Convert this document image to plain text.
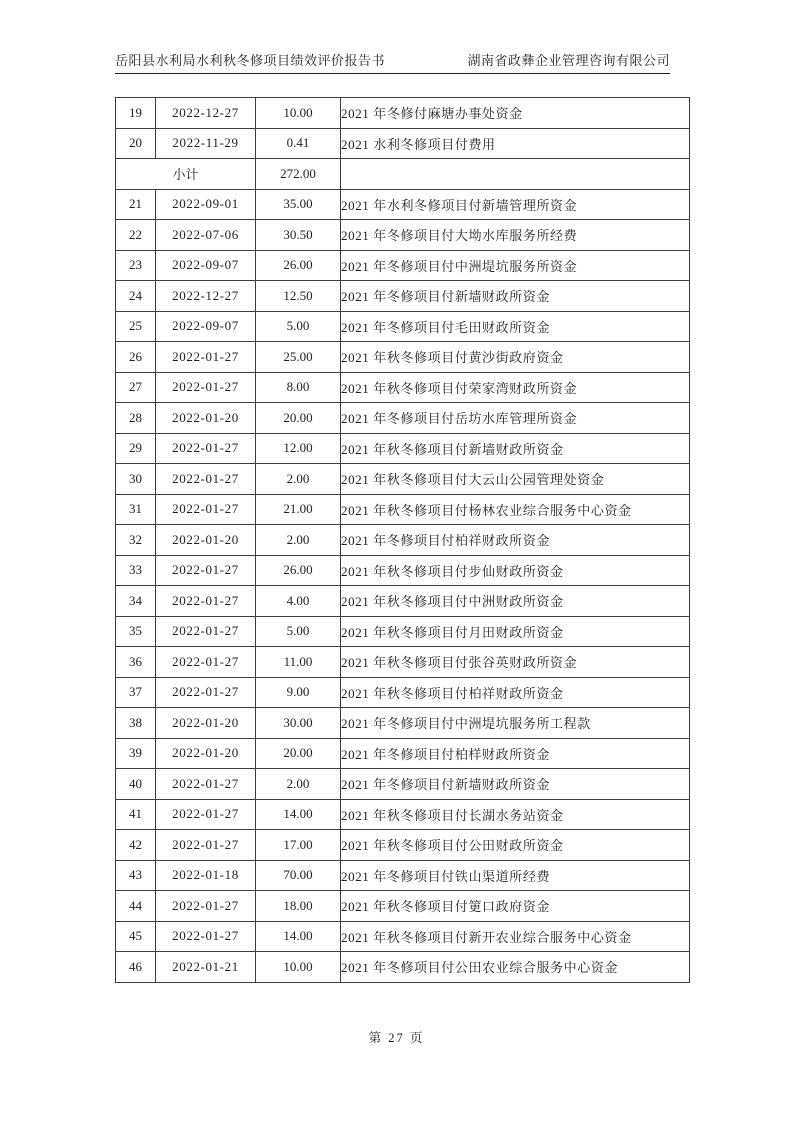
岳阳县水利局水利秋冬修项目绩效评价报告书	湖南省政彝企业管理咨询有限公司
19	2022-12-27	10.00	2021 年冬修付麻塘办事处资金
20	2022-11-29	0.41	2021 水利冬修项目付费用
小计		272.00	
21	2022-09-01	35.00	2021 年水利冬修项目付新墙管理所资金
22	2022-07-06	30.50	2021 年冬修项目付大坳水库服务所经费
23	2022-09-07	26.00	2021 年冬修项目付中洲堤坑服务所资金
24	2022-12-27	12.50	2021 年冬修项目付新墙财政所资金
25	2022-09-07	5.00	2021 年冬修项目付毛田财政所资金
26	2022-01-27	25.00	2021 年秋冬修项目付黄沙街政府资金
27	2022-01-27	8.00	2021 年秋冬修项目付荣家湾财政所资金
28	2022-01-20	20.00	2021 年冬修项目付岳坊水库管理所资金
29	2022-01-27	12.00	2021 年秋冬修项目付新墙财政所资金
30	2022-01-27	2.00	2021 年秋冬修项目付大云山公园管理处资金
31	2022-01-27	21.00	2021 年秋冬修项目付杨林农业综合服务中心资金
32	2022-01-20	2.00	2021 年冬修项目付柏祥财政所资金
33	2022-01-27	26.00	2021 年秋冬修项目付步仙财政所资金
34	2022-01-27	4.00	2021 年秋冬修项目付中洲财政所资金
35	2022-01-27	5.00	2021 年秋冬修项目付月田财政所资金
36	2022-01-27	11.00	2021 年秋冬修项目付张谷英财政所资金
37	2022-01-27	9.00	2021 年秋冬修项目付柏祥财政所资金
38	2022-01-20	30.00	2021 年冬修项目付中洲堤坑服务所工程款
39	2022-01-20	20.00	2021 年冬修项目付柏样财政所资金
40	2022-01-27	2.00	2021 年冬修项目付新墙财政所资金
41	2022-01-27	14.00	2021 年秋冬修项目付长湖水务站资金
42	2022-01-27	17.00	2021 年秋冬修项目付公田财政所资金
43	2022-01-18	70.00	2021 年冬修项目付铁山渠道所经费
44	2022-01-27	18.00	2021 年秋冬修项目付筻口政府资金
45	2022-01-27	14.00	2021 年秋冬修项目付新开农业综合服务中心资金
46	2022-01-21	10.00	2021 年冬修项目付公田农业综合服务中心资金
第 27 页
